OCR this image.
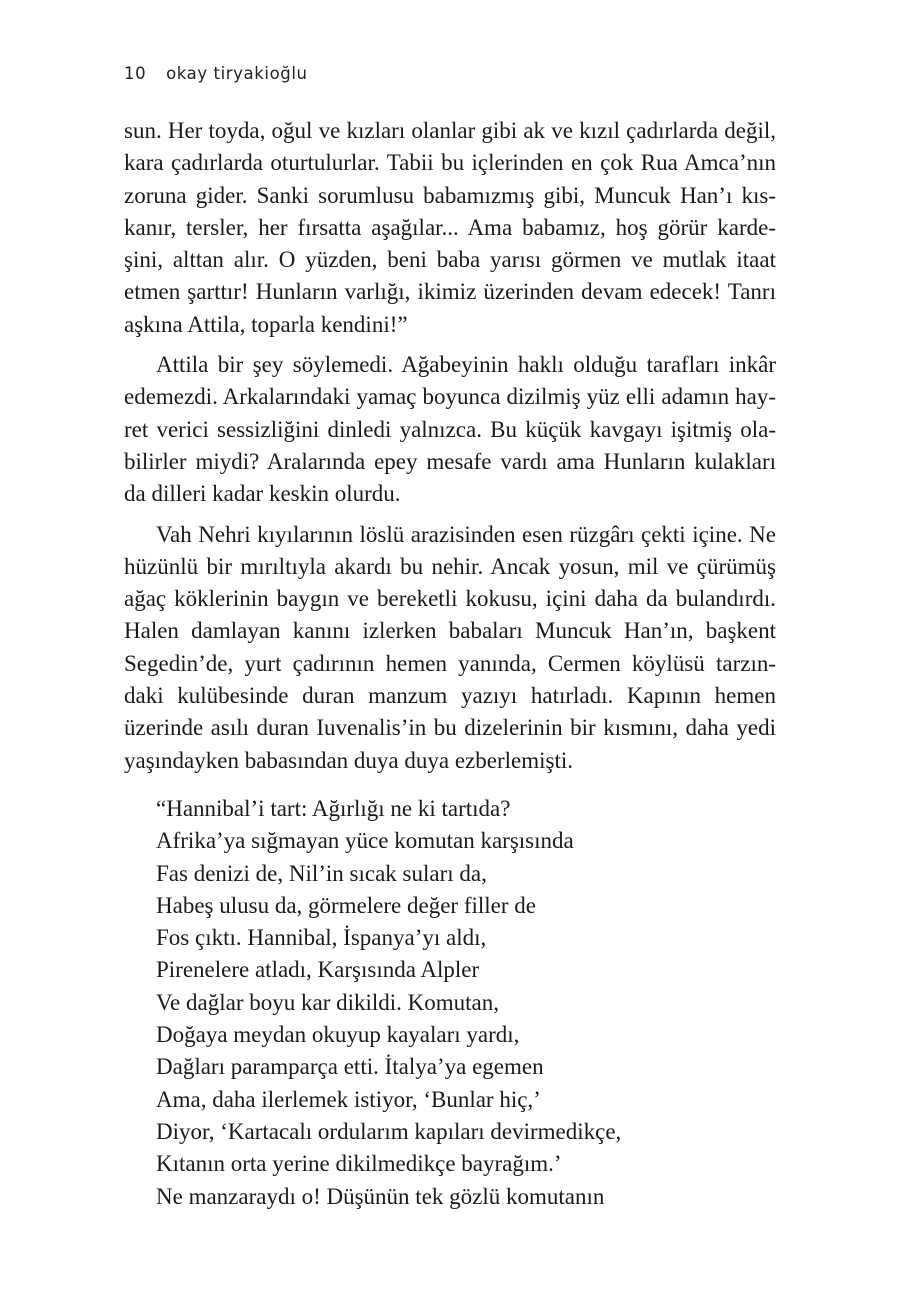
10 okay tiryakioğlu
sun. Her toyda, oğul ve kızları olanlar gibi ak ve kızıl çadırlarda değil,
kara çadırlarda oturtulurlar. Tabii bu içlerinden en çok Rua Amca’nın
zoruna gider. Sanki sorumlusu babamızmış gibi, Muncuk Han’ı kıs-
kanır, tersler, her fırsatta aşağılar... Ama babamız, hoş görür karde-
şini, alttan alır. O yüzden, beni baba yarısı görmen ve mutlak itaat
etmen şarttır! Hunların varlığı, ikimiz üzerinden devam edecek! Tanrı
aşkına Attila, toparla kendini!”
Attila bir şey söylemedi. Ağabeyinin haklı olduğu tarafları inkâr
edemezdi. Arkalarındaki yamaç boyunca dizilmiş yüz elli adamın hay-
ret verici sessizliğini dinledi yalnızca. Bu küçük kavgayı işitmiş ola-
bilirler miydi? Aralarında epey mesafe vardı ama Hunların kulakları
da dilleri kadar keskin olurdu.
Vah Nehri kıyılarının löslü arazisinden esen rüzgârı çekti içine. Ne
hüzünlü bir mırıltıyla akardı bu nehir. Ancak yosun, mil ve çürümüş
ağaç köklerinin baygın ve bereketli kokusu, içini daha da bulandırdı.
Halen damlayan kanını izlerken babaları Muncuk Han’ın, başkent
Segedin’de, yurt çadırının hemen yanında, Cermen köylüsü tarzın-
daki kulübesinde duran manzum yazıyı hatırladı. Kapının hemen
üzerinde asılı duran Iuvenalis’in bu dizelerinin bir kısmını, daha yedi
yaşındayken babasından duya duya ezberlemişti.
“Hannibal’i tart: Ağırlığı ne ki tartıda?
Afrika’ya sığmayan yüce komutan karşısında
Fas denizi de, Nil’in sıcak suları da,
Habeş ulusu da, görmelere değer filler de
Fos çıktı. Hannibal, İspanya’yı aldı,
Pirenelere atladı, Karşısında Alpler
Ve dağlar boyu kar dikildi. Komutan,
Doğaya meydan okuyup kayaları yardı,
Dağları paramparça etti. İtalya’ya egemen
Ama, daha ilerlemek istiyor, ‘Bunlar hiç,’
Diyor, ‘Kartacalı ordularım kapıları devirmedikçe,
Kıtanın orta yerine dikilmedikçe bayrağım.’
Ne manzaraydı o! Düşünün tek gözlü komutanın
